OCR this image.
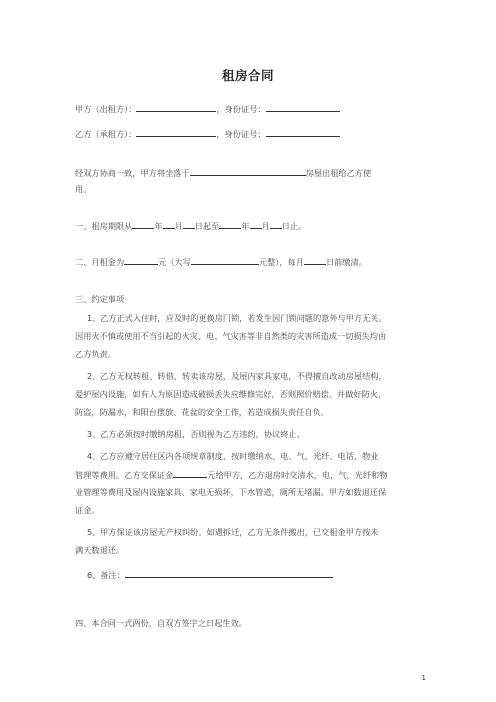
租房合同
甲方（出租方）：	，身份证号：
乙方（承租方）：	，身份证号：
经双方协商一致，甲方将坐落于	房屋出租给乙方使
用。
一、租房期限从	年 月 日起至	年 月 日止。
二、月租金为	元（大写	元整），每月	日前缴清。
三、约定事项
1、乙方正式入住时，应及时的更换房门锁，若发生因门锁问题的意外与甲方无关。
因用火不慎或使用不当引起的火灾、电、气灾害等非自然类的灾害所造成一切损失均由
乙方负责。
2、乙方无权转租、转借、转卖该房屋，及屋内家具家电，不得擅自改动房屋结构，
爱护屋内设施，如有人为原因造成破损丢失应维修完好，否则照价赔偿。并做好防火，
防盗，防漏水，和阳台摆放、花盆的安全工作，若造成损失责任自负。
3、乙方必须按时缴纳房租，否则视为乙方违约，协议终止。
4、乙方应遵守居住区内各项规章制度，按时缴纳水、电、气、光纤、电话、物业
管理等费用。乙方交保证金	元给甲方，乙方退房时交清水，电，气，光纤和物
业管理等费用及屋内设施家具、家电无损坏，下水管道，厕所无堵漏。甲方如数退还保
证金。
5、甲方保证该房屋无产权纠纷。如遇拆迁，乙方无条件搬出，已交租金甲方按未
满天数退还。
6、备注：
四、本合同一式两份，自双方签字之日起生效。
1
